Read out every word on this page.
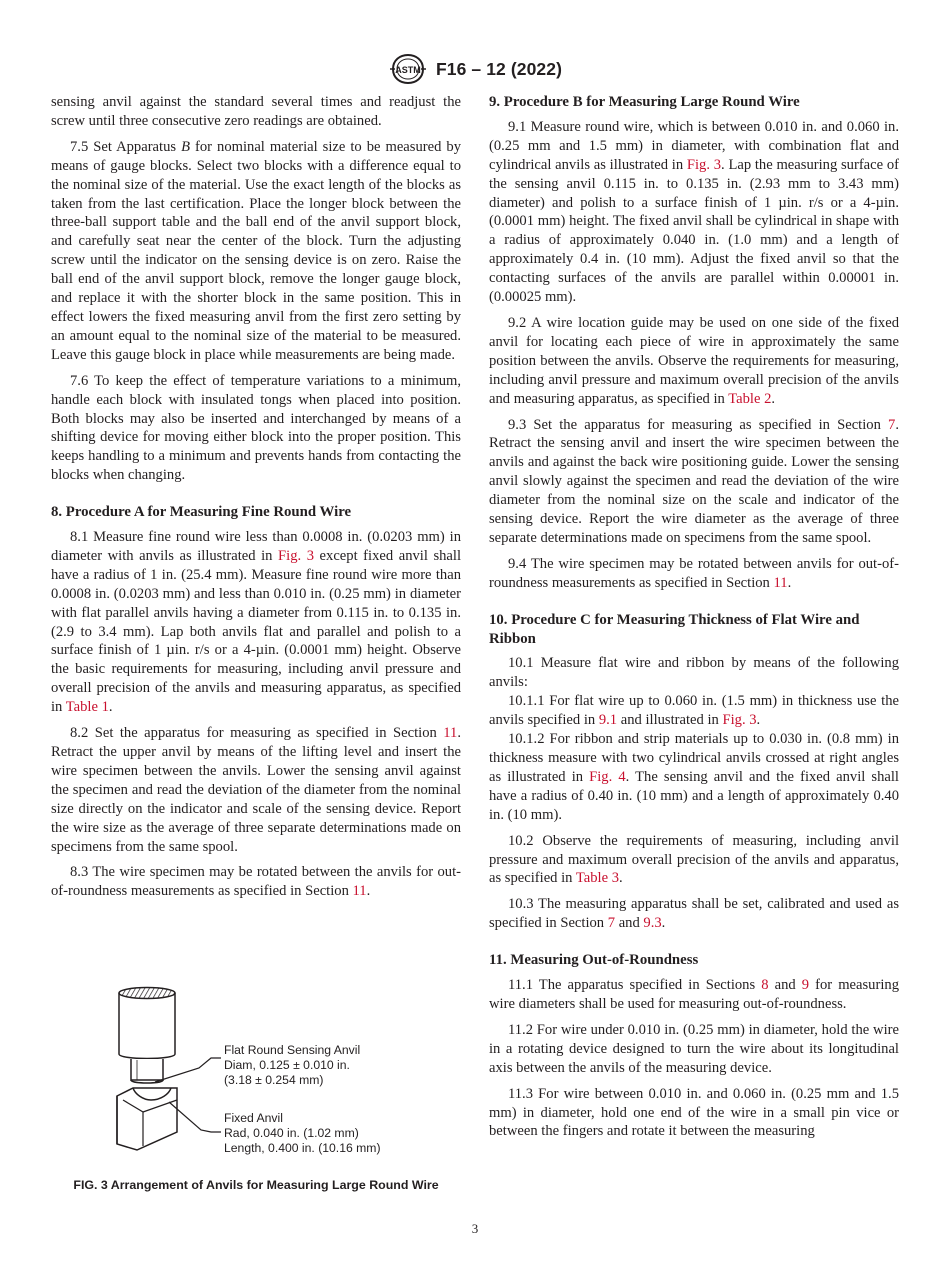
ASTM F16 – 12 (2022)

sensing anvil against the standard several times and readjust the screw until three consecutive zero readings are obtained.

7.5 Set Apparatus B for nominal material size to be measured by means of gauge blocks. Select two blocks with a difference equal to the nominal size of the material. Use the exact length of the blocks as taken from the last certification. Place the longer block between the three-ball support table and the ball end of the anvil support block, and carefully seat near the center of the block. Turn the adjusting screw until the indicator on the sensing device is on zero. Raise the ball end of the anvil support block, remove the longer gauge block, and replace it with the shorter block in the same position. This in effect lowers the fixed measuring anvil from the first zero setting by an amount equal to the nominal size of the material to be measured. Leave this gauge block in place while measurements are being made.

7.6 To keep the effect of temperature variations to a minimum, handle each block with insulated tongs when placed into position. Both blocks may also be inserted and interchanged by means of a shifting device for moving either block into the proper position. This keeps handling to a minimum and prevents hands from contacting the blocks when changing.

8. Procedure A for Measuring Fine Round Wire

8.1 Measure fine round wire less than 0.0008 in. (0.0203 mm) in diameter with anvils as illustrated in Fig. 3 except fixed anvil shall have a radius of 1 in. (25.4 mm). Measure fine round wire more than 0.0008 in. (0.0203 mm) and less than 0.010 in. (0.25 mm) in diameter with flat parallel anvils having a diameter from 0.115 in. to 0.135 in. (2.9 to 3.4 mm). Lap both anvils flat and parallel and polish to a surface finish of 1 µin. r/s or a 4-µin. (0.0001 mm) height. Observe the basic requirements for measuring, including anvil pressure and overall precision of the anvils and measuring apparatus, as specified in Table 1.

8.2 Set the apparatus for measuring as specified in Section 11. Retract the upper anvil by means of the lifting level and insert the wire specimen between the anvils. Lower the sensing anvil against the specimen and read the deviation of the diameter from the nominal size directly on the indicator and scale of the sensing device. Report the wire size as the average of three separate determinations made on specimens from the same spool.

8.3 The wire specimen may be rotated between the anvils for out-of-roundness measurements as specified in Section 11.

Flat Round Sensing Anvil
Diam, 0.125 ± 0.010 in.
(3.18 ± 0.254 mm)
Fixed Anvil
Rad, 0.040 in. (1.02 mm)
Length, 0.400 in. (10.16 mm)
FIG. 3 Arrangement of Anvils for Measuring Large Round Wire
9. Procedure B for Measuring Large Round Wire

9.1 Measure round wire, which is between 0.010 in. and 0.060 in. (0.25 mm and 1.5 mm) in diameter, with combination flat and cylindrical anvils as illustrated in Fig. 3. Lap the measuring surface of the sensing anvil 0.115 in. to 0.135 in. (2.93 mm to 3.43 mm) diameter) and polish to a surface finish of 1 µin. r/s or a 4-µin. (0.0001 mm) height. The fixed anvil shall be cylindrical in shape with a radius of approximately 0.040 in. (1.0 mm) and a length of approximately 0.4 in. (10 mm). Adjust the fixed anvil so that the contacting surfaces of the anvils are parallel within 0.00001 in. (0.00025 mm).

9.2 A wire location guide may be used on one side of the fixed anvil for locating each piece of wire in approximately the same position between the anvils. Observe the requirements for measuring, including anvil pressure and maximum overall precision of the anvils and measuring apparatus, as specified in Table 2.

9.3 Set the apparatus for measuring as specified in Section 7. Retract the sensing anvil and insert the wire specimen between the anvils and against the back wire positioning guide. Lower the sensing anvil slowly against the specimen and read the deviation of the wire diameter from the nominal size on the scale and indicator of the sensing device. Report the wire diameter as the average of three separate determinations made on specimens from the same spool.

9.4 The wire specimen may be rotated between anvils for out-of-roundness measurements as specified in Section 11.

10. Procedure C for Measuring Thickness of Flat Wire and Ribbon

10.1 Measure flat wire and ribbon by means of the following anvils:

10.1.1 For flat wire up to 0.060 in. (1.5 mm) in thickness use the anvils specified in 9.1 and illustrated in Fig. 3.

10.1.2 For ribbon and strip materials up to 0.030 in. (0.8 mm) in thickness measure with two cylindrical anvils crossed at right angles as illustrated in Fig. 4. The sensing anvil and the fixed anvil shall have a radius of 0.40 in. (10 mm) and a length of approximately 0.40 in. (10 mm).

10.2 Observe the requirements of measuring, including anvil pressure and maximum overall precision of the anvils and apparatus, as specified in Table 3.

10.3 The measuring apparatus shall be set, calibrated and used as specified in Section 7 and 9.3.

11. Measuring Out-of-Roundness

11.1 The apparatus specified in Sections 8 and 9 for measuring wire diameters shall be used for measuring out-of-roundness.

11.2 For wire under 0.010 in. (0.25 mm) in diameter, hold the wire in a rotating device designed to turn the wire about its longitudinal axis between the anvils of the measuring device.

11.3 For wire between 0.010 in. and 0.060 in. (0.25 mm and 1.5 mm) in diameter, hold one end of the wire in a small pin vice or between the fingers and rotate it between the measuring

3
